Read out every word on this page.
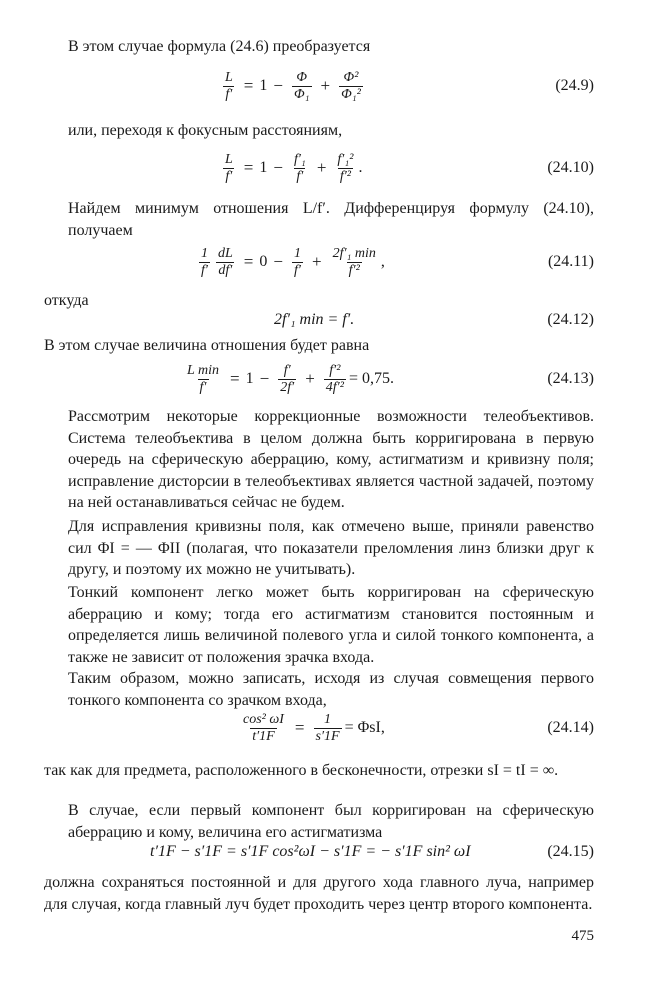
В этом случае формула (24.6) преобразуется

$\frac{L}{f'} = 1 - \frac{\Phi}{\text{Φ₁}} + \frac{\text{Φ²}}{\text{Φ₁²}}$	(24.9)

или, переходя к фокусным расстояниям,

$\frac{L}{f'} = 1 - \frac{\text{f′₁}}{f'} + \frac{\text{f′₁²}}{\text{f′²}}$ .	(24.10)

Найдем минимум отношения L/f′. Дифференцируя формулу (24.10), получаем

$\frac{1}{f'} \frac{dL}{df'} = 0 - \frac{1}{f'} + \frac{\text{2f′₁ min}}{\text{f′²}}$ ,	(24.11)

откуда

2f′₁ min = f′.	(24.12)

В этом случае величина отношения будет равна

$\frac{\text{L min}}{f'} = 1 - \frac{f'}{2f'} + \frac{\text{f′²}}{\text{4f′²}} = 0,75$.	(24.13)

Рассмотрим некоторые коррекционные возможности телеобъективов. Система телеобъектива в целом должна быть корригирована в первую очередь на сферическую аберрацию, кому, астигматизм и кривизну поля; исправление дисторсии в телеобъективах является частной задачей, поэтому на ней останавливаться сейчас не будем.

Для исправления кривизны поля, как отмечено выше, приняли равенство сил ΦI = — ΦII (полагая, что показатели преломления линз близки друг к другу, и поэтому их можно не учитывать).

Тонкий компонент легко может быть корригирован на сферическую аберрацию и кому; тогда его астигматизм становится постоянным и определяется лишь величиной полевого угла и силой тонкого компонента, а также не зависит от положения зрачка входа.

Таким образом, можно записать, исходя из случая совмещения первого тонкого компонента со зрачком входа,

$\frac{\text{cos² ωI}}{t'1F} = \frac{1}{s'1F} = \Phi sI$,	(24.14)

так как для предмета, расположенного в бесконечности, отрезки sI = tI = ∞.

В случае, если первый компонент был корригирован на сферическую аберрацию и кому, величина его астигматизма

t′1F − s′1F = s′1F cos²ωI − s′1F = − s′1F sin² ωI	(24.15)

должна сохраняться постоянной и для другого хода главного луча, например для случая, когда главный луч будет проходить через центр второго компонента.

475
